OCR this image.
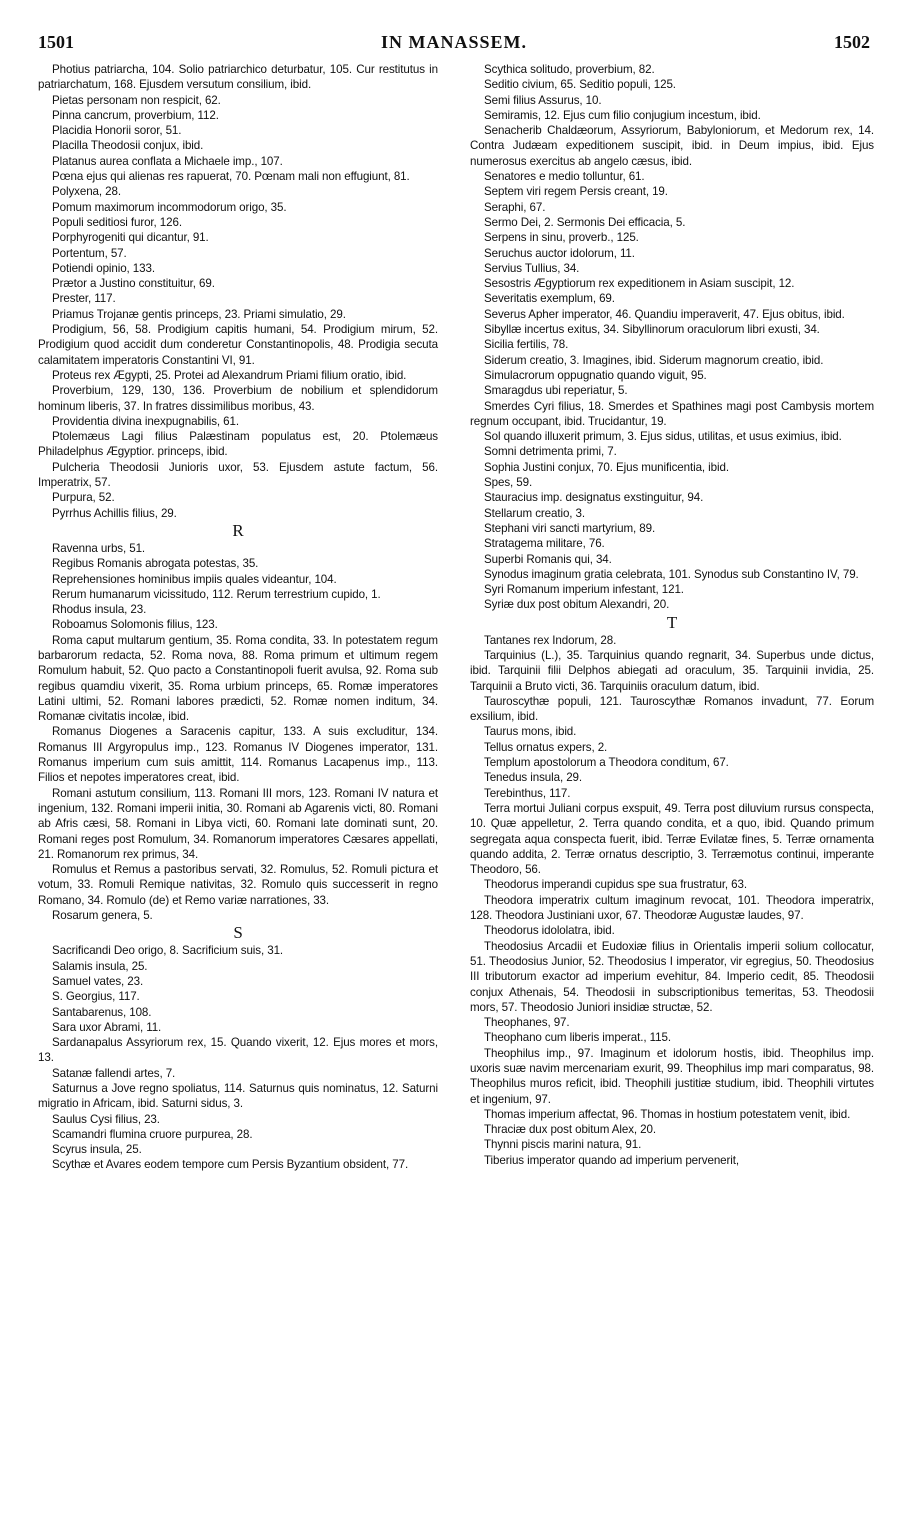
1501	IN MANASSEM.	1502

Photius patriarcha, 104. Solio patriarchico deturbatur, 105. Cur restitutus in patriarchatum, 168. Ejusdem versutum consilium, ibid.

Pietas personam non respicit, 62.

Pinna cancrum, proverbium, 112.

Placidia Honorii soror, 51.

Placilla Theodosii conjux, ibid.

Platanus aurea conflata a Michaele imp., 107.

Pœna ejus qui alienas res rapuerat, 70. Pœnam mali non effugiunt, 81.

Polyxena, 28.

Pomum maximorum incommodorum origo, 35.

Populi seditiosi furor, 126.

Porphyrogeniti qui dicantur, 91.

Portentum, 57.

Potiendi opinio, 133.

Prætor a Justino constituitur, 69.

Prester, 117.

Priamus Trojanæ gentis princeps, 23. Priami simulatio, 29.

Prodigium, 56, 58. Prodigium capitis humani, 54. Prodigium mirum, 52. Prodigium quod accidit dum conderetur Constantinopolis, 48. Prodigia secuta calamitatem imperatoris Constantini VI, 91.

Proteus rex Ægypti, 25. Protei ad Alexandrum Priami filium oratio, ibid.

Proverbium, 129, 130, 136. Proverbium de nobilium et splendidorum hominum liberis, 37. In fratres dissimilibus moribus, 43.

Providentia divina inexpugnabilis, 61.

Ptolemæus Lagi filius Palæstinam populatus est, 20. Ptolemæus Philadelphus Ægyptior. princeps, ibid.

Pulcheria Theodosii Junioris uxor, 53. Ejusdem astute factum, 56. Imperatrix, 57.

Purpura, 52.

Pyrrhus Achillis filius, 29.

R

Ravenna urbs, 51.

Regibus Romanis abrogata potestas, 35.

Reprehensiones hominibus impiis quales videantur, 104.

Rerum humanarum vicissitudo, 112. Rerum terrestrium cupido, 1.

Rhodus insula, 23.

Roboamus Solomonis filius, 123.

Roma caput multarum gentium, 35. Roma condita, 33. In potestatem regum barbarorum redacta, 52. Roma nova, 88. Roma primum et ultimum regem Romulum habuit, 52. Quo pacto a Constantinopoli fuerit avulsa, 92. Roma sub regibus quamdiu vixerit, 35. Roma urbium princeps, 65. Romæ imperatores Latini ultimi, 52. Romani labores prædicti, 52. Romæ nomen inditum, 34. Romanæ civitatis incolæ, ibid.

Romanus Diogenes a Saracenis capitur, 133. A suis excluditur, 134. Romanus III Argyropulus imp., 123. Romanus IV Diogenes imperator, 131. Romanus imperium cum suis amittit, 114. Romanus Lacapenus imp., 113. Filios et nepotes imperatores creat, ibid.

Romani astutum consilium, 113. Romani III mors, 123. Romani IV natura et ingenium, 132. Romani imperii initia, 30. Romani ab Agarenis victi, 80. Romani ab Afris cæsi, 58. Romani in Libya victi, 60. Romani late dominati sunt, 20. Romani reges post Romulum, 34. Romanorum imperatores Cæsares appellati, 21. Romanorum rex primus, 34.

Romulus et Remus a pastoribus servati, 32. Romulus, 52. Romuli pictura et votum, 33. Romuli Remique nativitas, 32. Romulo quis successerit in regno Romano, 34. Romulo (de) et Remo variæ narrationes, 33.

Rosarum genera, 5.

S

Sacrificandi Deo origo, 8. Sacrificium suis, 31.

Salamis insula, 25.

Samuel vates, 23.

S. Georgius, 117.

Santabarenus, 108.

Sara uxor Abrami, 11.

Sardanapalus Assyriorum rex, 15. Quando vixerit, 12. Ejus mores et mors, 13.

Satanæ fallendi artes, 7.

Saturnus a Jove regno spoliatus, 114. Saturnus quis nominatus, 12. Saturni migratio in Africam, ibid. Saturni sidus, 3.

Saulus Cysi filius, 23.

Scamandri flumina cruore purpurea, 28.

Scyrus insula, 25.

Scythæ et Avares eodem tempore cum Persis Byzantium obsident, 77.

Scythica solitudo, proverbium, 82.

Seditio civium, 65. Seditio populi, 125.

Semi filius Assurus, 10.

Semiramis, 12. Ejus cum filio conjugium incestum, ibid.

Senacherib Chaldæorum, Assyriorum, Babyloniorum, et Medorum rex, 14. Contra Judæam expeditionem suscipit, ibid. in Deum impius, ibid. Ejus numerosus exercitus ab angelo cæsus, ibid.

Senatores e medio tolluntur, 61.

Septem viri regem Persis creant, 19.

Seraphi, 67.

Sermo Dei, 2. Sermonis Dei efficacia, 5.

Serpens in sinu, proverb., 125.

Seruchus auctor idolorum, 11.

Servius Tullius, 34.

Sesostris Ægyptiorum rex expeditionem in Asiam suscipit, 12.

Severitatis exemplum, 69.

Severus Apher imperator, 46. Quandiu imperaverit, 47. Ejus obitus, ibid.

Sibyllæ incertus exitus, 34. Sibyllinorum oraculorum libri exusti, 34.

Sicilia fertilis, 78.

Siderum creatio, 3. Imagines, ibid. Siderum magnorum creatio, ibid.

Simulacrorum oppugnatio quando viguit, 95.

Smaragdus ubi reperiatur, 5.

Smerdes Cyri filius, 18. Smerdes et Spathines magi post Cambysis mortem regnum occupant, ibid. Trucidantur, 19.

Sol quando illuxerit primum, 3. Ejus sidus, utilitas, et usus eximius, ibid.

Somni detrimenta primi, 7.

Sophia Justini conjux, 70. Ejus munificentia, ibid.

Spes, 59.

Stauracius imp. designatus exstinguitur, 94.

Stellarum creatio, 3.

Stephani viri sancti martyrium, 89.

Stratagema militare, 76.

Superbi Romanis qui, 34.

Synodus imaginum gratia celebrata, 101. Synodus sub Constantino IV, 79.

Syri Romanum imperium infestant, 121.

Syriæ dux post obitum Alexandri, 20.

T

Tantanes rex Indorum, 28.

Tarquinius (L.), 35. Tarquinius quando regnarit, 34. Superbus unde dictus, ibid. Tarquinii filii Delphos abiegati ad oraculum, 35. Tarquinii invidia, 25. Tarquinii a Bruto victi, 36. Tarquiniis oraculum datum, ibid.

Tauroscythæ populi, 121. Tauroscythæ Romanos invadunt, 77. Eorum exsilium, ibid.

Taurus mons, ibid.

Tellus ornatus expers, 2.

Templum apostolorum a Theodora conditum, 67.

Tenedus insula, 29.

Terebinthus, 117.

Terra mortui Juliani corpus exspuit, 49. Terra post diluvium rursus conspecta, 10. Quæ appelletur, 2. Terra quando condita, et a quo, ibid. Quando primum segregata aqua conspecta fuerit, ibid. Terræ Evilatæ fines, 5. Terræ ornamenta quando addita, 2. Terræ ornatus descriptio, 3. Terræmotus continui, imperante Theodoro, 56.

Theodorus imperandi cupidus spe sua frustratur, 63.

Theodora imperatrix cultum imaginum revocat, 101. Theodora imperatrix, 128. Theodora Justiniani uxor, 67. Theodoræ Augustæ laudes, 97.

Theodorus idololatra, ibid.

Theodosius Arcadii et Eudoxiæ filius in Orientalis imperii solium collocatur, 51. Theodosius Junior, 52. Theodosius I imperator, vir egregius, 50. Theodosius III tributorum exactor ad imperium evehitur, 84. Imperio cedit, 85. Theodosii conjux Athenais, 54. Theodosii in subscriptionibus temeritas, 53. Theodosii mors, 57. Theodosio Juniori insidiæ structæ, 52.

Theophanes, 97.

Theophano cum liberis imperat., 115.

Theophilus imp., 97. Imaginum et idolorum hostis, ibid. Theophilus imp. uxoris suæ navim mercenariam exurit, 99. Theophilus imp mari comparatus, 98. Theophilus muros reficit, ibid. Theophili justitiæ studium, ibid. Theophili virtutes et ingenium, 97.

Thomas imperium affectat, 96. Thomas in hostium potestatem venit, ibid.

Thraciæ dux post obitum Alex, 20.

Thynni piscis marini natura, 91.

Tiberius imperator quando ad imperium pervenerit,
